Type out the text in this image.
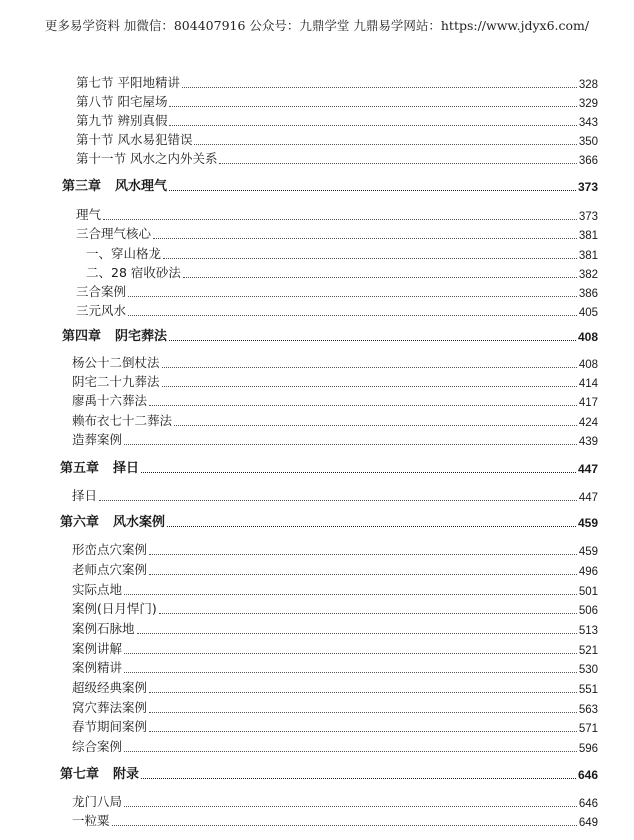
更多易学资料 加微信：804407916 公众号：九鼎学堂 九鼎易学网站：https://www.jdyx6.com/
第七节 平阳地精讲	328
第八节 阳宅屋场	329
第九节 辨别真假	343
第十节 风水易犯错误	350
第十一节 风水之内外关系	366
第三章 风水理气	373
理气	373
三合理气核心	381
一、穿山格龙	381
二、28 宿收砂法	382
三合案例	386
三元风水	405
第四章 阴宅葬法	408
杨公十二倒杖法	408
阴宅二十九葬法	414
廖禹十六葬法	417
赖布衣七十二葬法	424
造葬案例	439
第五章 择日	447
择日	447
第六章 风水案例	459
形峦点穴案例	459
老师点穴案例	496
实际点地	501
案例(日月悍门)	506
案例石脉地	513
案例讲解	521
案例精讲	530
超级经典案例	551
窝穴葬法案例	563
春节期间案例	571
综合案例	596
第七章 附录	646
龙门八局	646
一粒粟	649
